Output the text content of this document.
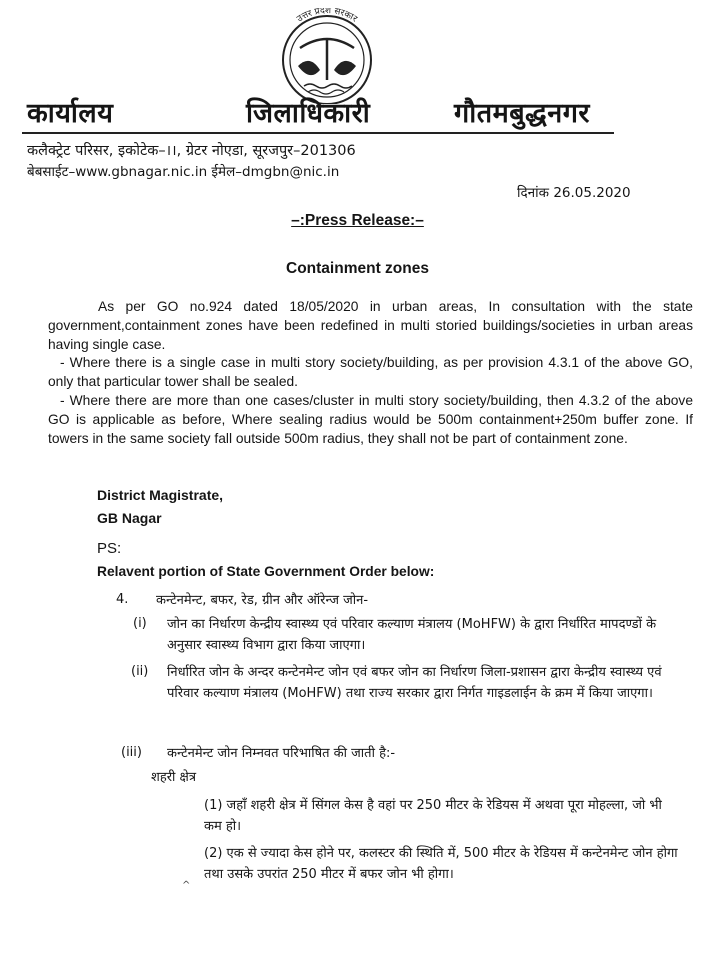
उत्तर प्रदेश सरकार
कार्यालय	जिलाधिकारी	गौतमबुद्धनगर
कलैक्ट्रेट परिसर, इकोटेक–।।, ग्रेटर नोएडा, सूरजपुर–201306
बेबसाईट–www.gbnagar.nic.in ईमेल–dmgbn@nic.in
दिनांक 26.05.2020
–:Press Release:–
Containment zones

As per GO no.924 dated 18/05/2020 in urban areas, In consultation with the state government,containment zones have been redefined in multi storied buildings/societies in urban areas having single case.

- Where there is a single case in multi story society/building, as per provision 4.3.1 of the above GO, only that particular tower shall be sealed.

- Where there are more than one cases/cluster in multi story society/building, then 4.3.2 of the above GO is applicable as before, Where sealing radius would be 500m containment+250m buffer zone. If towers in the same society fall outside 500m radius, they shall not be part of containment zone.

District Magistrate,
GB Nagar
PS:
Relavent portion of State Government Order below:
4. कन्टेनमेन्ट, बफर, रेड, ग्रीन और ऑरेन्ज जोन-
(i) जोन का निर्धारण केन्द्रीय स्वास्थ्य एवं परिवार कल्याण मंत्रालय (MoHFW) के द्वारा निर्धारित मापदण्डों के अनुसार स्वास्थ्य विभाग द्वारा किया जाएगा।
(ii) निर्धारित जोन के अन्दर कन्टेनमेन्ट जोन एवं बफर जोन का निर्धारण जिला-प्रशासन द्वारा केन्द्रीय स्वास्थ्य एवं परिवार कल्याण मंत्रालय (MoHFW) तथा राज्य सरकार द्वारा निर्गत गाइडलाईन के क्रम में किया जाएगा।
(iii) कन्टेनमेन्ट जोन निम्नवत परिभाषित की जाती है:-
शहरी क्षेत्र
(1) जहाँ शहरी क्षेत्र में सिंगल केस है वहां पर 250 मीटर के रेडियस में अथवा पूरा मोहल्ला, जो भी कम हो।
(2) एक से ज्यादा केस होने पर, कलस्टर की स्थिति में, 500 मीटर के रेडियस में कन्टेनमेन्ट जोन होगा तथा उसके उपरांत 250 मीटर में बफर जोन भी होगा।
^
